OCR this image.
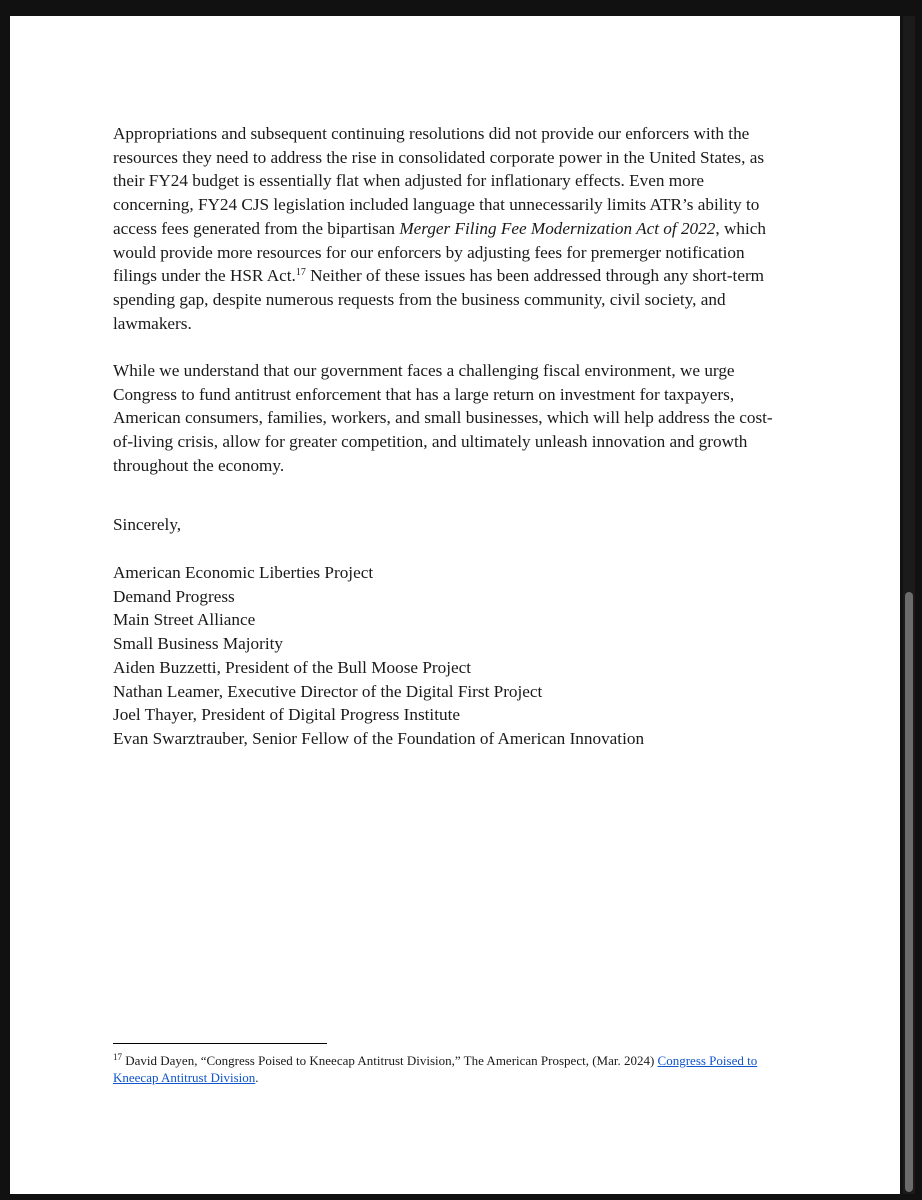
Appropriations and subsequent continuing resolutions did not provide our enforcers with the
resources they need to address the rise in consolidated corporate power in the United States, as
their FY24 budget is essentially flat when adjusted for inflationary effects. Even more
concerning, FY24 CJS legislation included language that unnecessarily limits ATR’s ability to
access fees generated from the bipartisan Merger Filing Fee Modernization Act of 2022, which
would provide more resources for our enforcers by adjusting fees for premerger notification
filings under the HSR Act.$^{17}$ Neither of these issues has been addressed through any short-term
spending gap, despite numerous requests from the business community, civil society, and
lawmakers.

While we understand that our government faces a challenging fiscal environment, we urge
Congress to fund antitrust enforcement that has a large return on investment for taxpayers,
American consumers, families, workers, and small businesses, which will help address the cost-
of-living crisis, allow for greater competition, and ultimately unleash innovation and growth
throughout the economy.

Sincerely,

American Economic Liberties Project
Demand Progress
Main Street Alliance
Small Business Majority
Aiden Buzzetti, President of the Bull Moose Project
Nathan Leamer, Executive Director of the Digital First Project
Joel Thayer, President of Digital Progress Institute
Evan Swarztrauber, Senior Fellow of the Foundation of American Innovation

$^{17}$ David Dayen, “Congress Poised to Kneecap Antitrust Division,” The American Prospect, (Mar. 2024) Congress Poised to
Kneecap Antitrust Division.
